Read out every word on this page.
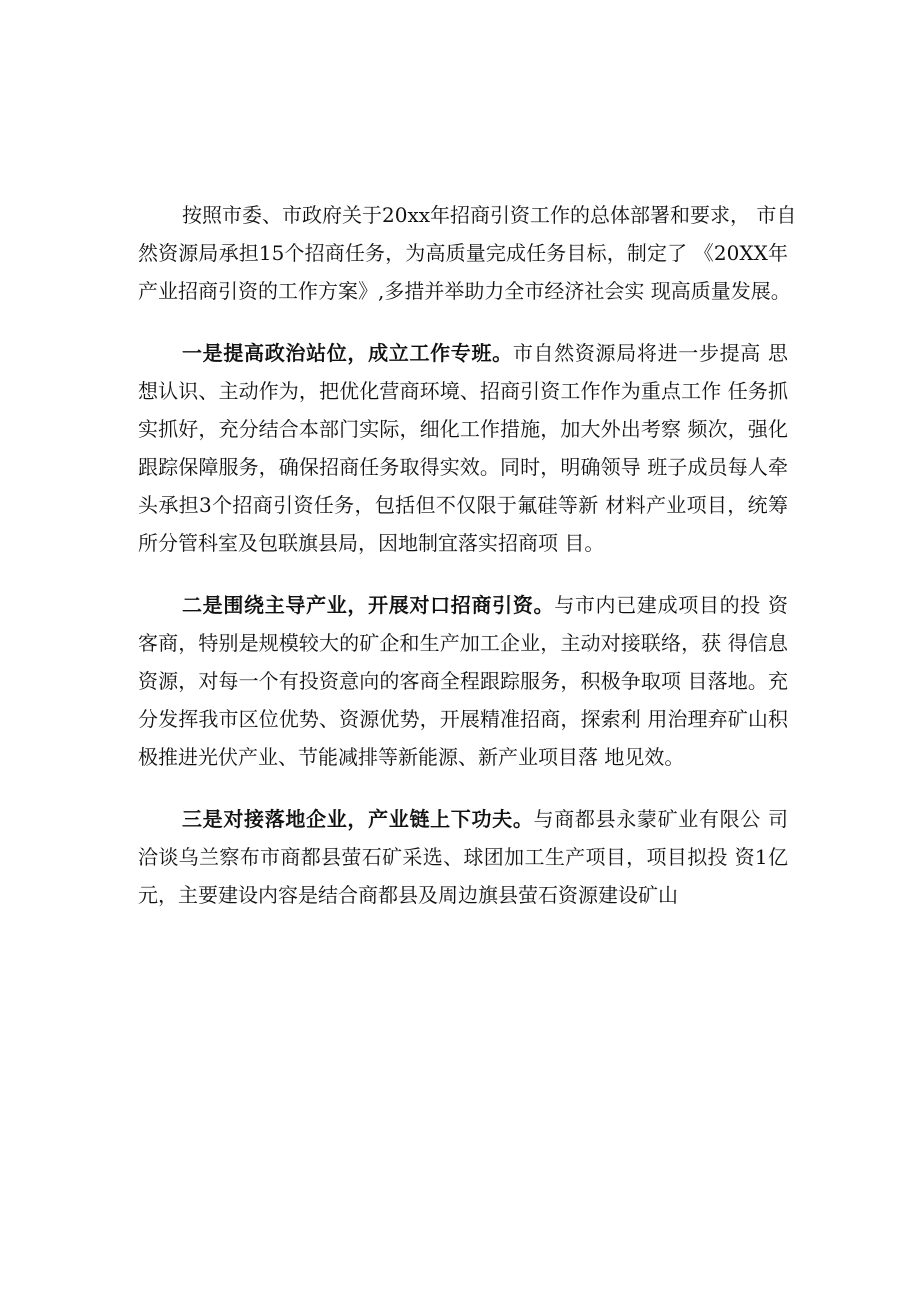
按照市委、市政府关于20xx年招商引资工作的总体部署和要求， 市自
然资源局承担15个招商任务，为高质量完成任务目标，制定了 《20XX年
产业招商引资的工作方案》,多措并举助力全市经济社会实 现高质量发展。
一是提高政治站位，成立工作专班。市自然资源局将进一步提高 思
想认识、主动作为，把优化营商环境、招商引资工作作为重点工作 任务抓
实抓好，充分结合本部门实际，细化工作措施，加大外出考察 频次，强化
跟踪保障服务，确保招商任务取得实效。同时，明确领导 班子成员每人牵
头承担3个招商引资任务，包括但不仅限于氟硅等新 材料产业项目，统筹
所分管科室及包联旗县局，因地制宜落实招商项 目。
二是围绕主导产业，开展对口招商引资。与市内已建成项目的投 资
客商，特别是规模较大的矿企和生产加工企业，主动对接联络，获 得信息
资源，对每一个有投资意向的客商全程跟踪服务，积极争取项 目落地。充
分发挥我市区位优势、资源优势，开展精准招商，探索利 用治理弃矿山积
极推进光伏产业、节能减排等新能源、新产业项目落 地见效。
三是对接落地企业，产业链上下功夫。与商都县永蒙矿业有限公 司
洽谈乌兰察布市商都县萤石矿采选、球团加工生产项目，项目拟投 资1亿
元，主要建设内容是结合商都县及周边旗县萤石资源建设矿山
